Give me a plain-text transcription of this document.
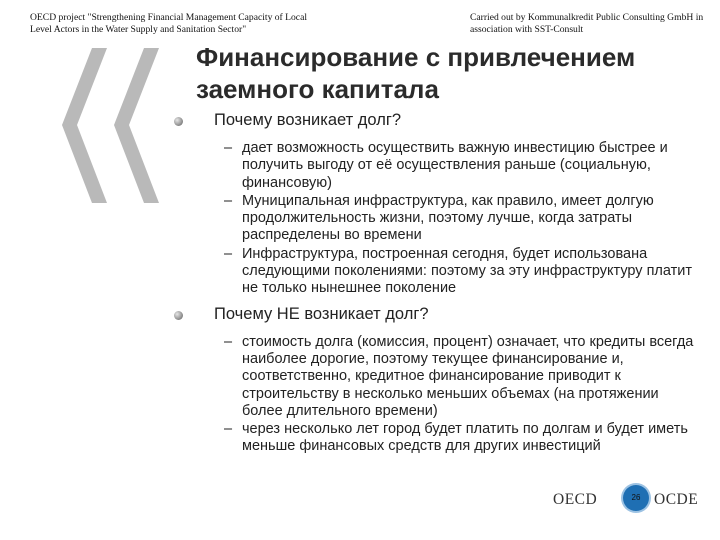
OECD project "Strengthening Financial Management Capacity of Local
Level Actors in the Water Supply and Sanitation Sector"
Carried out by Kommunalkredit Public Consulting GmbH in
association with SST-Consult
Финансирование с привлечением
заемного капитала
Почему возникает долг?
– дает возможность осуществить важную инвестицию быстрее и получить выгоду от её осуществления раньше (социальную, финансовую)
– Муниципальная инфраструктура, как правило, имеет долгую продолжительность жизни, поэтому лучше, когда затраты распределены во времени
– Инфраструктура, построенная сегодня, будет использована следующими поколениями: поэтому за эту инфраструктуру платит не только нынешнее поколение
Почему НЕ возникает долг?
– стоимость долга (комиссия, процент) означает, что кредиты всегда наиболее дорогие, поэтому текущее финансирование и, соответственно, кредитное финансирование приводит к строительству в несколько меньших объемах (на протяжении более длительного времени)
– через несколько лет город будет платить по долгам и будет иметь меньше финансовых средств для других инвестиций
OECD	26 OCDE
